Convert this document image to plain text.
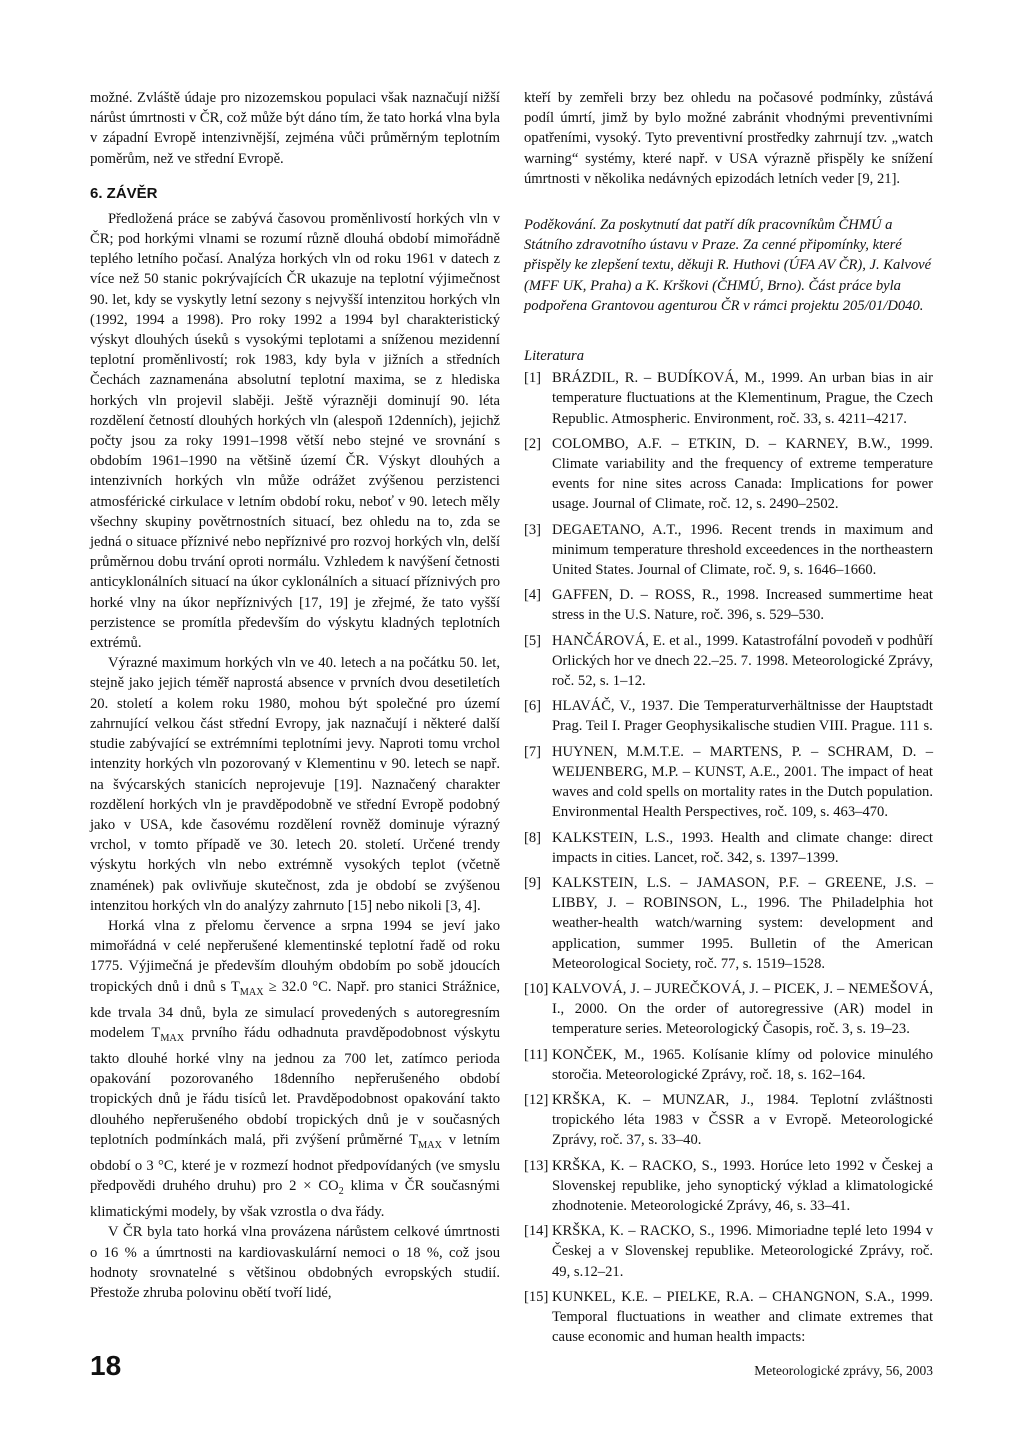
možné. Zvláště údaje pro nizozemskou populaci však naznačují nižší nárůst úmrtnosti v ČR, což může být dáno tím, že tato horká vlna byla v západní Evropě intenzivnější, zejména vůči průměrným teplotním poměrům, než ve střední Evropě.

6. ZÁVĚR

Předložená práce se zabývá časovou proměnlivostí horkých vln v ČR; pod horkými vlnami se rozumí různě dlouhá období mimořádně teplého letního počasí. Analýza horkých vln od roku 1961 v datech z více než 50 stanic pokrývajících ČR ukazuje na teplotní výjimečnost 90. let, kdy se vyskytly letní sezony s nejvyšší intenzitou horkých vln (1992, 1994 a 1998). Pro roky 1992 a 1994 byl charakteristický výskyt dlouhých úseků s vysokými teplotami a sníženou mezidenní teplotní proměnlivostí; rok 1983, kdy byla v jižních a středních Čechách zaznamenána absolutní teplotní maxima, se z hlediska horkých vln projevil slaběji. Ještě výrazněji dominují 90. léta rozdělení četností dlouhých horkých vln (alespoň 12denních), jejichž počty jsou za roky 1991–1998 větší nebo stejné ve srovnání s obdobím 1961–1990 na většině území ČR. Výskyt dlouhých a intenzivních horkých vln může odrážet zvýšenou perzistenci atmosférické cirkulace v letním období roku, neboť v 90. letech měly všechny skupiny povětrnostních situací, bez ohledu na to, zda se jedná o situace příznivé nebo nepříznivé pro rozvoj horkých vln, delší průměrnou dobu trvání oproti normálu. Vzhledem k navýšení četnosti anticyklonálních situací na úkor cyklonálních a situací příznivých pro horké vlny na úkor nepříznivých [17, 19] je zřejmé, že tato vyšší perzistence se promítla především do výskytu kladných teplotních extrémů.

Výrazné maximum horkých vln ve 40. letech a na počátku 50. let, stejně jako jejich téměř naprostá absence v prvních dvou desetiletích 20. století a kolem roku 1980, mohou být společné pro území zahrnující velkou část střední Evropy, jak naznačují i některé další studie zabývající se extrémními teplotními jevy. Naproti tomu vrchol intenzity horkých vln pozorovaný v Klementinu v 90. letech se např. na švýcarských stanicích neprojevuje [19]. Naznačený charakter rozdělení horkých vln je pravděpodobně ve střední Evropě podobný jako v USA, kde časovému rozdělení rovněž dominuje výrazný vrchol, v tomto případě ve 30. letech 20. století. Určené trendy výskytu horkých vln nebo extrémně vysokých teplot (včetně znamének) pak ovlivňuje skutečnost, zda je období se zvýšenou intenzitou horkých vln do analýzy zahrnuto [15] nebo nikoli [3, 4].

Horká vlna z přelomu července a srpna 1994 se jeví jako mimořádná v celé nepřerušené klementinské teplotní řadě od roku 1775. Výjimečná je především dlouhým obdobím po sobě jdoucích tropických dnů i dnů s $T_{MAX} \ge 32.0$ °C. Např. pro stanici Strážnice, kde trvala 34 dnů, byla ze simulací provedených s autoregresním modelem $T_{MAX}$ prvního řádu odhadnuta pravděpodobnost výskytu takto dlouhé horké vlny na jednou za 700 let, zatímco perioda opakování pozorovaného 18denního nepřerušeného období tropických dnů je řádu tisíců let. Pravděpodobnost opakování takto dlouhého nepřerušeného období tropických dnů je v současných teplotních podmínkách malá, při zvýšení průměrné $T_{MAX}$ v letním období o 3 °C, které je v rozmezí hodnot předpovídaných (ve smyslu předpovědi druhého druhu) pro $2 \times CO_2$ klima v ČR současnými klimatickými modely, by však vzrostla o dva řády.

V ČR byla tato horká vlna provázena nárůstem celkové úmrtnosti o 16 % a úmrtnosti na kardiovaskulární nemoci o 18 %, což jsou hodnoty srovnatelné s většinou obdobných evropských studií. Přestože zhruba polovinu obětí tvoří lidé,

kteří by zemřeli brzy bez ohledu na počasové podmínky, zůstává podíl úmrtí, jimž by bylo možné zabránit vhodnými preventivními opatřeními, vysoký. Tyto preventivní prostředky zahrnují tzv. „watch warning“ systémy, které např. v USA výrazně přispěly ke snížení úmrtnosti v několika nedávných epizodách letních veder [9, 21].

Poděkování. Za poskytnutí dat patří dík pracovníkům ČHMÚ a Státního zdravotního ústavu v Praze. Za cenné připomínky, které přispěly ke zlepšení textu, děkuji R. Huthovi (ÚFA AV ČR), J. Kalvové (MFF UK, Praha) a K. Krškovi (ČHMÚ, Brno). Část práce byla podpořena Grantovou agenturou ČR v rámci projektu 205/01/D040.

Literatura

[1] BRÁZDIL, R. – BUDÍKOVÁ, M., 1999. An urban bias in air temperature fluctuations at the Klementinum, Prague, the Czech Republic. Atmospheric. Environment, roč. 33, s. 4211–4217.
[2] COLOMBO, A.F. – ETKIN, D. – KARNEY, B.W., 1999. Climate variability and the frequency of extreme temperature events for nine sites across Canada: Implications for power usage. Journal of Climate, roč. 12, s. 2490–2502.
[3] DEGAETANO, A.T., 1996. Recent trends in maximum and minimum temperature threshold exceedences in the northeastern United States. Journal of Climate, roč. 9, s. 1646–1660.
[4] GAFFEN, D. – ROSS, R., 1998. Increased summertime heat stress in the U.S. Nature, roč. 396, s. 529–530.
[5] HANČÁROVÁ, E. et al., 1999. Katastrofální povodeň v podhůří Orlických hor ve dnech 22.–25. 7. 1998. Meteorologické Zprávy, roč. 52, s. 1–12.
[6] HLAVÁČ, V., 1937. Die Temperaturverhältnisse der Hauptstadt Prag. Teil I. Prager Geophysikalische studien VIII. Prague. 111 s.
[7] HUYNEN, M.M.T.E. – MARTENS, P. – SCHRAM, D. – WEIJENBERG, M.P. – KUNST, A.E., 2001. The impact of heat waves and cold spells on mortality rates in the Dutch population. Environmental Health Perspectives, roč. 109, s. 463–470.
[8] KALKSTEIN, L.S., 1993. Health and climate change: direct impacts in cities. Lancet, roč. 342, s. 1397–1399.
[9] KALKSTEIN, L.S. – JAMASON, P.F. – GREENE, J.S. – LIBBY, J. – ROBINSON, L., 1996. The Philadelphia hot weather-health watch/warning system: development and application, summer 1995. Bulletin of the American Meteorological Society, roč. 77, s. 1519–1528.
[10] KALVOVÁ, J. – JUREČKOVÁ, J. – PICEK, J. – NEMEŠOVÁ, I., 2000. On the order of autoregressive (AR) model in temperature series. Meteorologický Časopis, roč. 3, s. 19–23.
[11] KONČEK, M., 1965. Kolísanie klímy od polovice minulého storočia. Meteorologické Zprávy, roč. 18, s. 162–164.
[12] KRŠKA, K. – MUNZAR, J., 1984. Teplotní zvláštnosti tropického léta 1983 v ČSSR a v Evropě. Meteorologické Zprávy, roč. 37, s. 33–40.
[13] KRŠKA, K. – RACKO, S., 1993. Horúce leto 1992 v Českej a Slovenskej republike, jeho synoptický výklad a klimatologické zhodnotenie. Meteorologické Zprávy, 46, s. 33–41.
[14] KRŠKA, K. – RACKO, S., 1996. Mimoriadne teplé leto 1994 v Českej a v Slovenskej republike. Meteorologické Zprávy, roč. 49, s.12–21.
[15] KUNKEL, K.E. – PIELKE, R.A. – CHANGNON, S.A., 1999. Temporal fluctuations in weather and climate extremes that cause economic and human health impacts:
18	Meteorologické zprávy, 56, 2003
